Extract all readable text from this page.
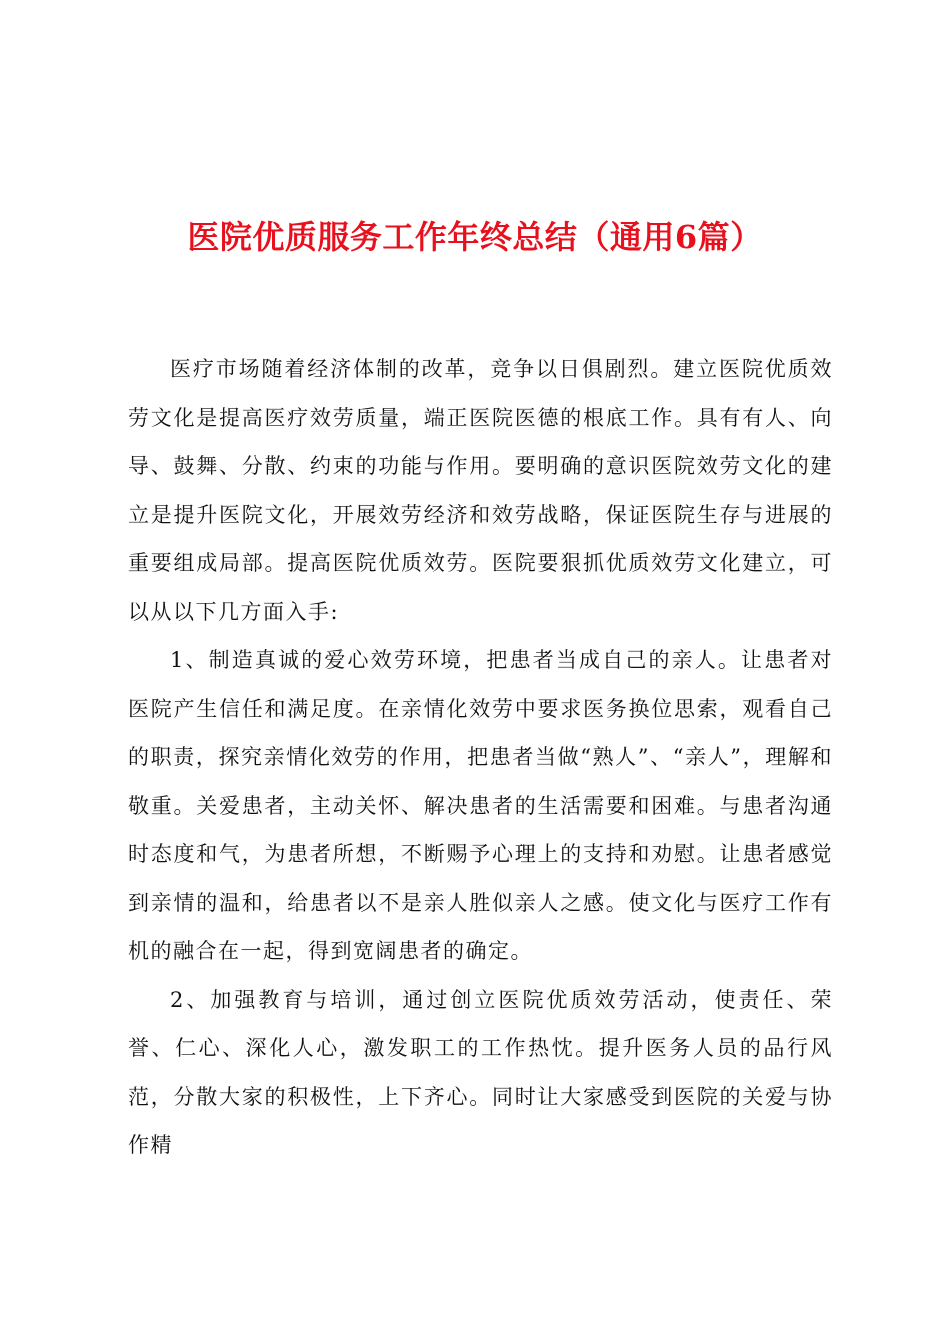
医院优质服务工作年终总结（通用6篇）

医疗市场随着经济体制的改革，竞争以日俱剧烈。建立医院优质效劳文化是提高医疗效劳质量，端正医院医德的根底工作。具有有人、向导、鼓舞、分散、约束的功能与作用。要明确的意识医院效劳文化的建立是提升医院文化，开展效劳经济和效劳战略，保证医院生存与进展的重要组成局部。提高医院优质效劳。医院要狠抓优质效劳文化建立，可以从以下几方面入手:

1、制造真诚的爱心效劳环境，把患者当成自己的亲人。让患者对医院产生信任和满足度。在亲情化效劳中要求医务换位思索，观看自己的职责，探究亲情化效劳的作用，把患者当做“熟人”、“亲人”，理解和敬重。关爱患者，主动关怀、解决患者的生活需要和困难。与患者沟通时态度和气，为患者所想，不断赐予心理上的支持和劝慰。让患者感觉到亲情的温和，给患者以不是亲人胜似亲人之感。使文化与医疗工作有机的融合在一起，得到宽阔患者的确定。

2、加强教育与培训，通过创立医院优质效劳活动，使责任、荣誉、仁心、深化人心，激发职工的工作热忱。提升医务人员的品行风范，分散大家的积极性，上下齐心。同时让大家感受到医院的关爱与协作精
